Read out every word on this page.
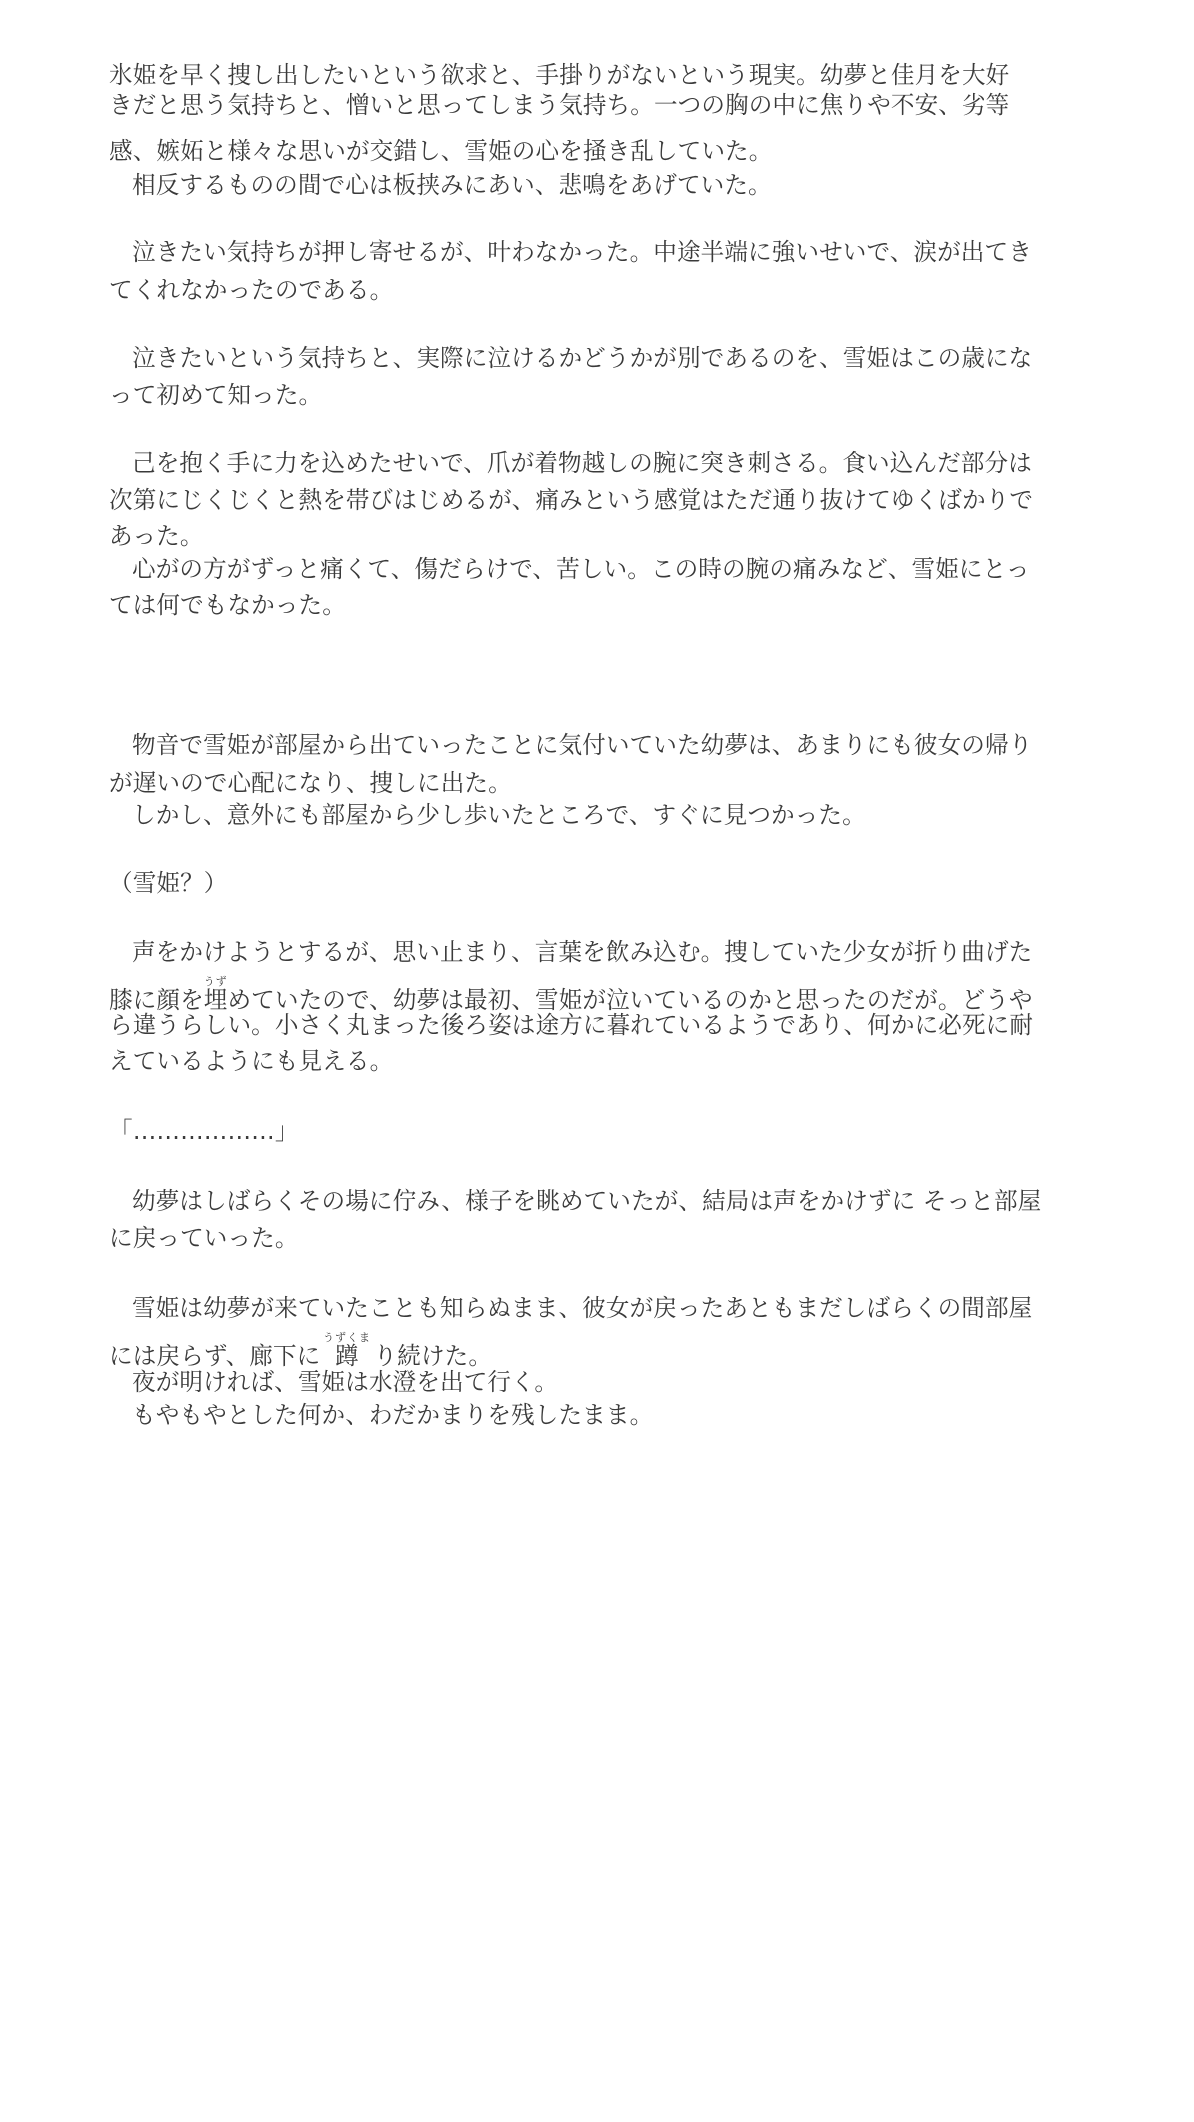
氷姫を早く捜し出したいという欲求と、手掛りがないという現実。幼夢と佳月を大好
きだと思う気持ちと、憎いと思ってしまう気持ち。一つの胸の中に焦りや不安、劣等
感、嫉妬と様々な思いが交錯し、雪姫の心を掻き乱していた。
相反するものの間で心は板挟みにあい、悲鳴をあげていた。
泣きたい気持ちが押し寄せるが、叶わなかった。中途半端に強いせいで、涙が出てき
てくれなかったのである。
泣きたいという気持ちと、実際に泣けるかどうかが別であるのを、雪姫はこの歳にな
って初めて知った。
己を抱く手に力を込めたせいで、爪が着物越しの腕に突き刺さる。食い込んだ部分は
次第にじくじくと熱を帯びはじめるが、痛みという感覚はただ通り抜けてゆくばかりで
あった。
心がの方がずっと痛くて、傷だらけで、苦しい。この時の腕の痛みなど、雪姫にとっ
ては何でもなかった。
物音で雪姫が部屋から出ていったことに気付いていた幼夢は、あまりにも彼女の帰り
が遅いので心配になり、捜しに出た。
しかし、意外にも部屋から少し歩いたところで、すぐに見つかった。
（雪姫？）
声をかけようとするが、思い止まり、言葉を飲み込む。捜していた少女が折り曲げた
膝に顔を埋うずめていたので、幼夢は最初、雪姫が泣いているのかと思ったのだが。どうや
ら違うらしい。小さく丸まった後ろ姿は途方に暮れているようであり、何かに必死に耐
えているようにも見える。
「………………」
幼夢はしばらくその場に佇み、様子を眺めていたが、結局は声をかけずに そっと部屋
に戻っていった。
雪姫は幼夢が来ていたことも知らぬまま、彼女が戻ったあともまだしばらくの間部屋
には戻らず、廊下に 蹲うずくま り続けた。
夜が明ければ、雪姫は水澄を出て行く。
もやもやとした何か、わだかまりを残したまま。
